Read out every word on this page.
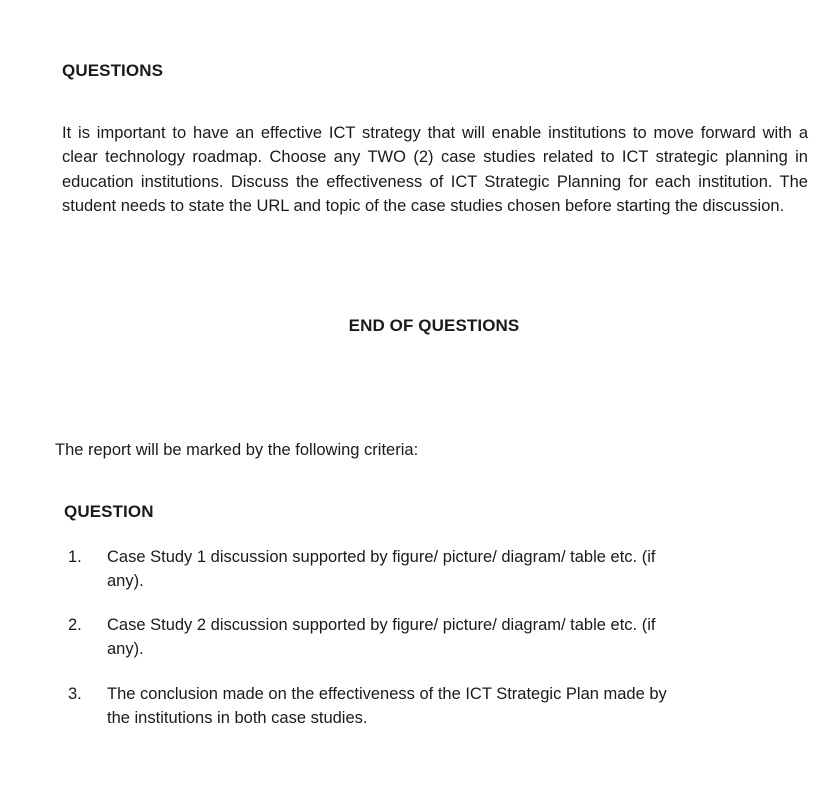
QUESTIONS

It is important to have an effective ICT strategy that will enable institutions to move forward with a clear technology roadmap. Choose any TWO (2) case studies related to ICT strategic planning in education institutions. Discuss the effectiveness of ICT Strategic Planning for each institution. The student needs to state the URL and topic of the case studies chosen before starting the discussion.

END OF QUESTIONS
The report will be marked by the following criteria:
QUESTION
1. Case Study 1 discussion supported by figure/ picture/ diagram/ table etc. (if any).
2. Case Study 2 discussion supported by figure/ picture/ diagram/ table etc. (if any).
3. The conclusion made on the effectiveness of the ICT Strategic Plan made by the institutions in both case studies.
